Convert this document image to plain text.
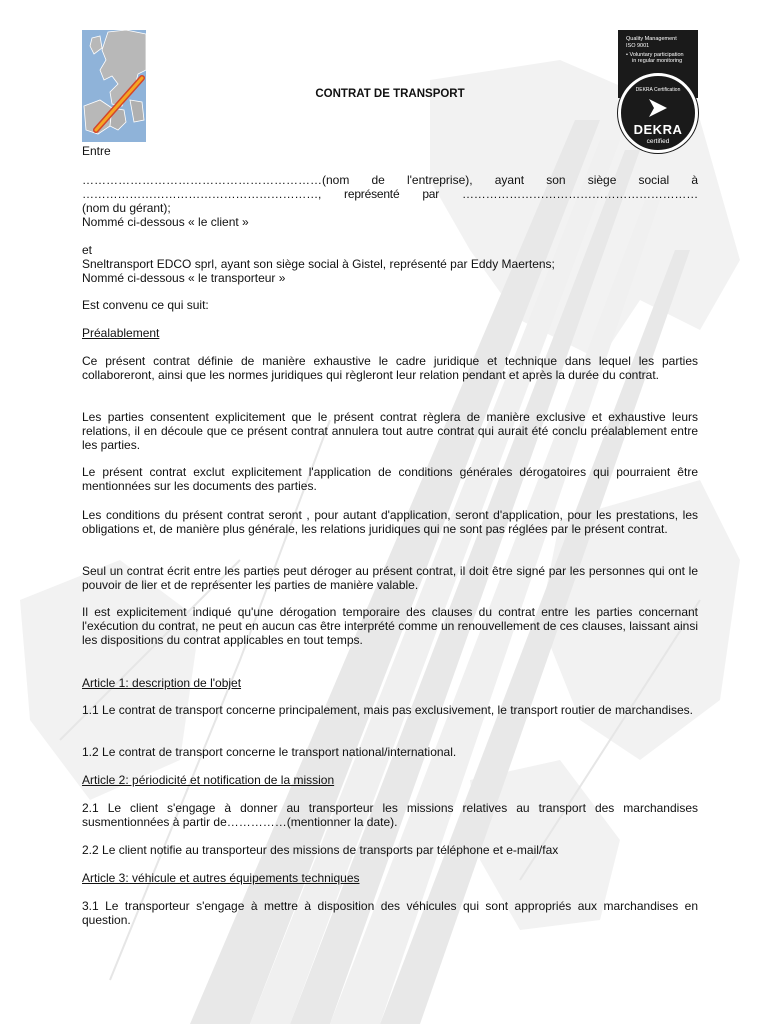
Quality Management
ISO 9001
• Voluntary participation
in regular monitoring
DEKRA Certification
DEKRA
certified
CONTRAT DE TRANSPORT

Entre

……………………………………………………(nom de l'entreprise), ayant son siège social à

……………………………………………………, représenté par ……………………………………………………

(nom du gérant);

Nommé ci-dessous « le client »

et

Sneltransport EDCO sprl, ayant son siège social à Gistel, représenté par Eddy Maertens;

Nommé ci-dessous « le transporteur »

Est convenu ce qui suit:

Préalablement

Ce présent contrat définie de manière exhaustive le cadre juridique et technique dans lequel les parties collaboreront, ainsi que les normes juridiques qui règleront leur relation pendant et après la durée du contrat.

Les parties consentent explicitement que le présent contrat règlera de manière exclusive et exhaustive leurs relations, il en découle que ce présent contrat annulera tout autre contrat qui aurait été conclu préalablement entre les parties.

Le présent contrat exclut explicitement l'application de conditions générales dérogatoires qui pourraient être mentionnées sur les documents des parties.

Les conditions du présent contrat seront , pour autant d'application, seront d'application, pour les prestations, les obligations et, de manière plus générale, les relations juridiques qui ne sont pas réglées par le présent contrat.

Seul un contrat écrit entre les parties peut déroger au présent contrat, il doit être signé par les personnes qui ont le pouvoir de lier et de représenter les parties de manière valable.

Il est explicitement indiqué qu'une dérogation temporaire des clauses du contrat entre les parties concernant l'exécution du contrat, ne peut en aucun cas être interprété comme un renouvellement de ces clauses, laissant ainsi les dispositions du contrat applicables en tout temps.

Article 1: description de l'objet

1.1 Le contrat de transport concerne principalement, mais pas exclusivement, le transport routier de marchandises.

1.2 Le contrat de transport concerne le transport national/international.

Article 2: périodicité et notification de la mission

2.1 Le client s'engage à donner au transporteur les missions relatives au transport des marchandises susmentionnées à partir de……………(mentionner la date).

2.2 Le client notifie au transporteur des missions de transports par téléphone et e-mail/fax

Article 3: véhicule et autres équipements techniques

3.1 Le transporteur s'engage à mettre à disposition des véhicules qui sont appropriés aux marchandises en question.
